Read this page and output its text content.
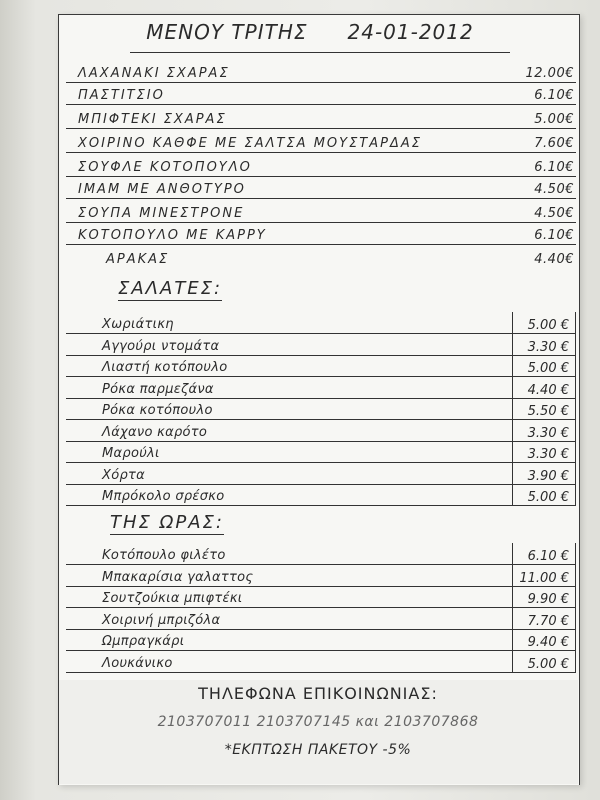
ΜΕΝΟΥ ΤΡΙΤΗΣ 24-01-2012
ΛΑΧΑΝΑΚΙ ΣΧΑΡΑΣ	12.00€
ΠΑΣΤΙΤΣΙΟ	6.10€
ΜΠΙΦΤΕΚΙ ΣΧΑΡΑΣ	5.00€
ΧΟΙΡΙΝΟ ΚΑΘΦΕ ΜΕ ΣΑΛΤΣΑ ΜΟΥΣΤΑΡΔΑΣ	7.60€
ΣΟΥΦΛΕ ΚΟΤΟΠΟΥΛΟ	6.10€
ΙΜΑΜ ΜΕ ΑΝΘΟΤΥΡΟ	4.50€
ΣΟΥΠΑ ΜΙΝΕΣΤΡΟΝΕ	4.50€
ΚΟΤΟΠΟΥΛΟ ΜΕ ΚΑΡΡΥ	6.10€
ΑΡΑΚΑΣ	4.40€
ΣΑΛΑΤΕΣ:
Χωριάτικη	5.00 €
Αγγούρι ντομάτα	3.30 €
Λιαστή κοτόπουλο	5.00 €
Ρόκα παρμεζάνα	4.40 €
Ρόκα κοτόπουλο	5.50 €
Λάχανο καρότο	3.30 €
Μαρούλι	3.30 €
Χόρτα	3.90 €
Μπρόκολο σρέσκο	5.00 €
ΤΗΣ ΩΡΑΣ:
Κοτόπουλο φιλέτο	6.10 €
Μπακαρίσια γαλαττος	11.00 €
Σουτζούκια μπιφτέκι	9.90 €
Χοιρινή μπριζόλα	7.70 €
Ωμπραγκάρι	9.40 €
Λουκάνικο	5.00 €
ΤΗΛΕΦΩΝΑ ΕΠΙΚΟΙΝΩΝΙΑΣ:
2103707011 2103707145 και 2103707868
*ΕΚΠΤΩΣΗ ΠΑΚΕΤΟΥ -5%
